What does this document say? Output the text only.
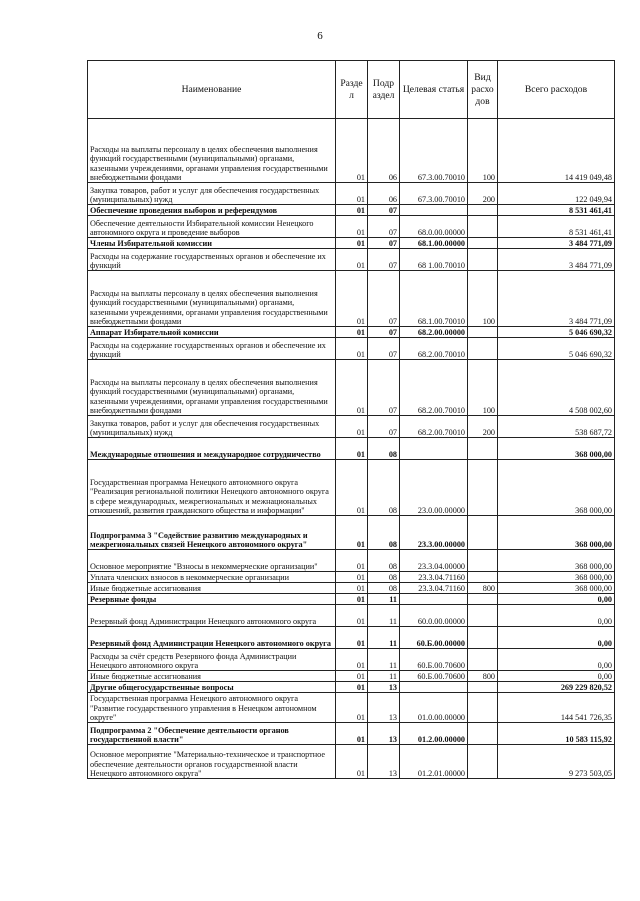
6
Наименование	Разде л	Подр аздел	Целевая статья	Вид расхо дов	Всего расходов
Расходы на выплаты персоналу в целях обеспечения выполнения функций государственными (муниципальными) органами, казенными учреждениями, органами управления государственными внебюджетными фондами	01	06	67.3.00.70010	100	14 419 049,48
Закупка товаров, работ и услуг для обеспечения государственных (муниципальных) нужд	01	06	67.3.00.70010	200	122 049,94
Обеспечение проведения выборов и референдумов	01	07			8 531 461,41
Обеспечение деятельности Избирательной комиссии Ненецкого автономного округа и проведение выборов	01	07	68.0.00.00000		8 531 461,41
Члены Избирательной комиссии	01	07	68.1.00.00000		3 484 771,09
Расходы на содержание государственных органов и обеспечение их функций	01	07	68 1.00.70010		3 484 771,09
Расходы на выплаты персоналу в целях обеспечения выполнения функций государственными (муниципальными) органами, казенными учреждениями, органами управления государственными внебюджетными фондами	01	07	68.1.00.70010	100	3 484 771,09
Аппарат Избирательной комиссии	01	07	68.2.00.00000		5 046 690,32
Расходы на содержание государственных органов и обеспечение их функций	01	07	68.2.00.70010		5 046 690,32
Расходы на выплаты персоналу в целях обеспечения выполнения функций государственными (муниципальными) органами, казенными учреждениями, органами управления государственными внебюджетными фондами	01	07	68.2.00.70010	100	4 508 002,60
Закупка товаров, работ и услуг для обеспечения государственных (муниципальных) нужд	01	07	68.2.00.70010	200	538 687,72
Международные отношения и международное сотрудничество	01	08			368 000,00
Государственная программа Ненецкого автономного округа "Реализация региональной политики Ненецкого автономного округа в сфере международных, межрегиональных и межнациональных отношений, развития гражданского общества и информации"	01	08	23.0.00.00000		368 000,00
Подпрограмма 3 "Содействие развитию международных и межрегиональных связей Ненецкого автономного округа"	01	08	23.3.00.00000		368 000,00
Основное мероприятие "Взносы в некоммерческие организации"	01	08	23.3.04.00000		368 000,00
Уплата членских взносов в некоммерческие организации	01	08	23.3.04.71160		368 000,00
Иные бюджетные ассигнования	01	08	23.3.04.71160	800	368 000,00
Резервные фонды	01	11			0,00
Резервный фонд Администрации Ненецкого автономного округа	01	11	60.0.00.00000		0,00
Резервный фонд Администрации Ненецкого автономного округа	01	11	60.Б.00.00000		0,00
Расходы за счёт средств Резервного фонда Администрации Ненецкого автономного округа	01	11	60.Б.00.70600		0,00
Иные бюджетные ассигнования	01	11	60.Б.00.70600	800	0,00
Другие общегосударственные вопросы	01	13			269 229 820,52
Государственная программа Ненецкого автономного округа "Развитие государственного управления в Ненецком автономном округе"	01	13	01.0.00.00000		144 541 726,35
Подпрограмма 2 "Обеспечение деятельности органов государственной власти"	01	13	01.2.00.00000		10 583 115,92
Основное мероприятие "Материально-техническое и транспортное обеспечение деятельности органов государственной власти Ненецкого автономного округа"	01	13	01.2.01.00000		9 273 503,05
